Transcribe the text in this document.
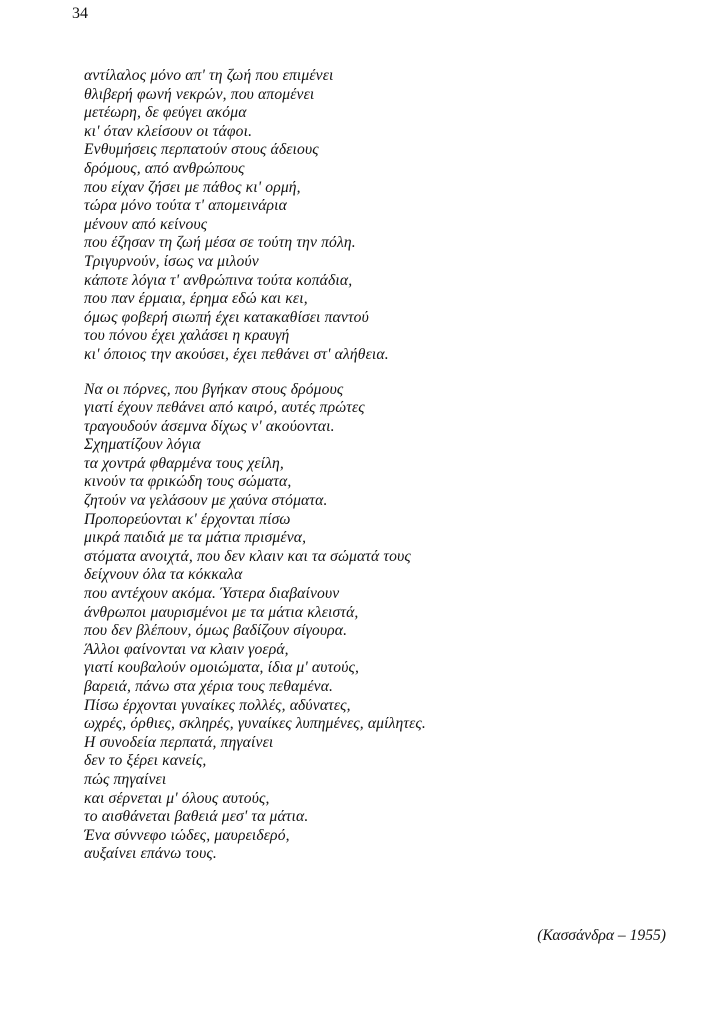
34
αντίλαλος μόνο απ' τη ζωή που επιμένει
θλιβερή φωνή νεκρών, που απομένει
μετέωρη, δε φεύγει ακόμα
κι' όταν κλείσουν οι τάφοι.
Ενθυμήσεις περπατούν στους άδειους
δρόμους, από ανθρώπους
που είχαν ζήσει με πάθος κι' ορμή,
τώρα μόνο τούτα τ' απομεινάρια
μένουν από κείνους
που έζησαν τη ζωή μέσα σε τούτη την πόλη.
Τριγυρνούν, ίσως να μιλούν
κάποτε λόγια τ' ανθρώπινα τούτα κοπάδια,
που παν έρμαια, έρημα εδώ και κει,
όμως φοβερή σιωπή έχει κατακαθίσει παντού
του πόνου έχει χαλάσει η κραυγή
κι' όποιος την ακούσει, έχει πεθάνει στ' αλήθεια.
Να οι πόρνες, που βγήκαν στους δρόμους
γιατί έχουν πεθάνει από καιρό, αυτές πρώτες
τραγουδούν άσεμνα δίχως ν' ακούονται.
Σχηματίζουν λόγια
τα χοντρά φθαρμένα τους χείλη,
κινούν τα φρικώδη τους σώματα,
ζητούν να γελάσουν με χαύνα στόματα.
Προπορεύονται κ' έρχονται πίσω
μικρά παιδιά με τα μάτια πρισμένα,
στόματα ανοιχτά, που δεν κλαιν και τα σώματά τους
δείχνουν όλα τα κόκκαλα
που αντέχουν ακόμα. Ύστερα διαβαίνουν
άνθρωποι μαυρισμένοι με τα μάτια κλειστά,
που δεν βλέπουν, όμως βαδίζουν σίγουρα.
Άλλοι φαίνονται να κλαιν γοερά,
γιατί κουβαλούν ομοιώματα, ίδια μ' αυτούς,
βαρειά, πάνω στα χέρια τους πεθαμένα.
Πίσω έρχονται γυναίκες πολλές, αδύνατες,
ωχρές, όρθιες, σκληρές, γυναίκες λυπημένες, αμίλητες.
Η συνοδεία περπατά, πηγαίνει
δεν το ξέρει κανείς,
πώς πηγαίνει
και σέρνεται μ' όλους αυτούς,
το αισθάνεται βαθειά μεσ' τα μάτια.
Ένα σύννεφο ιώδες, μαυρειδερό,
αυξαίνει επάνω τους.
(Κασσάνδρα – 1955)
